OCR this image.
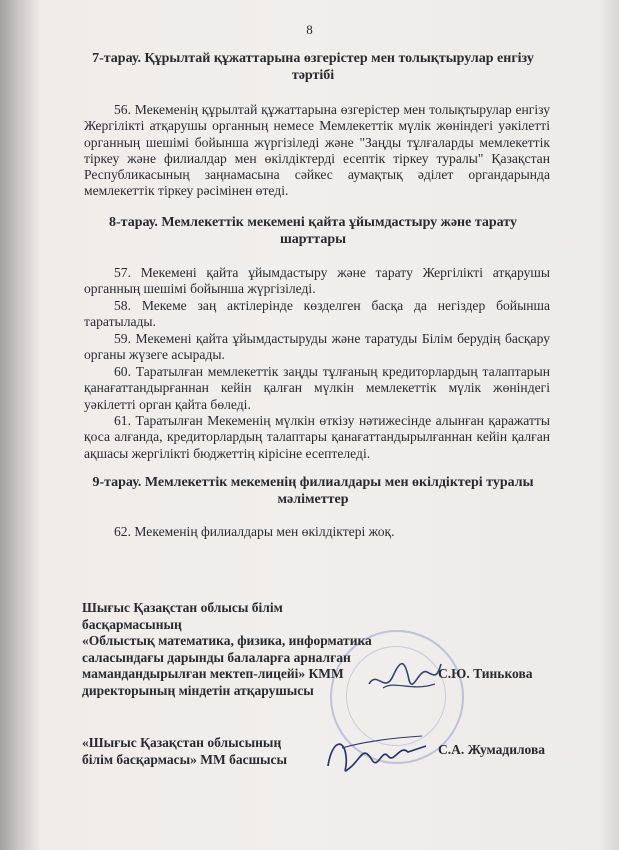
8
7-тарау. Құрылтай құжаттарына өзгерістер мен толықтырулар енгізу тәртібі
56. Мекеменің құрылтай құжаттарына өзгерістер мен толықтырулар енгізу Жергілікті атқарушы органның немесе Мемлекеттік мүлік жөніндегі уәкілетті органның шешімі бойынша жүргізіледі және "Заңды тұлғаларды мемлекеттік тіркеу және филиалдар мен өкілдіктерді есептік тіркеу туралы" Қазақстан Республикасының заңнамасына сәйкес аумақтық әділет органдарында мемлекеттік тіркеу рәсімінен өтеді.
8-тарау. Мемлекеттік мекемені қайта ұйымдастыру және тарату шарттары
57. Мекемені қайта ұйымдастыру және тарату Жергілікті атқарушы органның шешімі бойынша жүргізіледі.
58. Мекеме заң актілерінде көзделген басқа да негіздер бойынша таратылады.
59. Мекемені қайта ұйымдастыруды және таратуды Білім берудің басқару органы жүзеге асырады.
60. Таратылған мемлекеттік заңды тұлғаның кредиторлардың талаптарын қанағаттандырғаннан кейін қалған мүлкін мемлекеттік мүлік жөніндегі уәкілетті орган қайта бөледі.
61. Таратылған Мекеменің мүлкін өткізу нәтижесінде алынған қаражатты қоса алғанда, кредиторлардың талаптары қанағаттандырылғаннан кейін қалған ақшасы жергілікті бюджеттің кірісіне есептеледі.
9-тарау. Мемлекеттік мекеменің филиалдары мен өкілдіктері туралы мәліметтер
62. Мекеменің филиалдары мен өкілдіктері жоқ.
Шығыс Қазақстан облысы білім басқармасының
«Облыстық математика, физика, информатика
саласындағы дарынды балаларға арналған
мамандандырылған мектеп-лицейі» КММ
директорының міндетін атқарушысы
С.Ю. Тинькова
«Шығыс Қазақстан облысының
білім басқармасы» ММ басшысы
С.А. Жумадилова
